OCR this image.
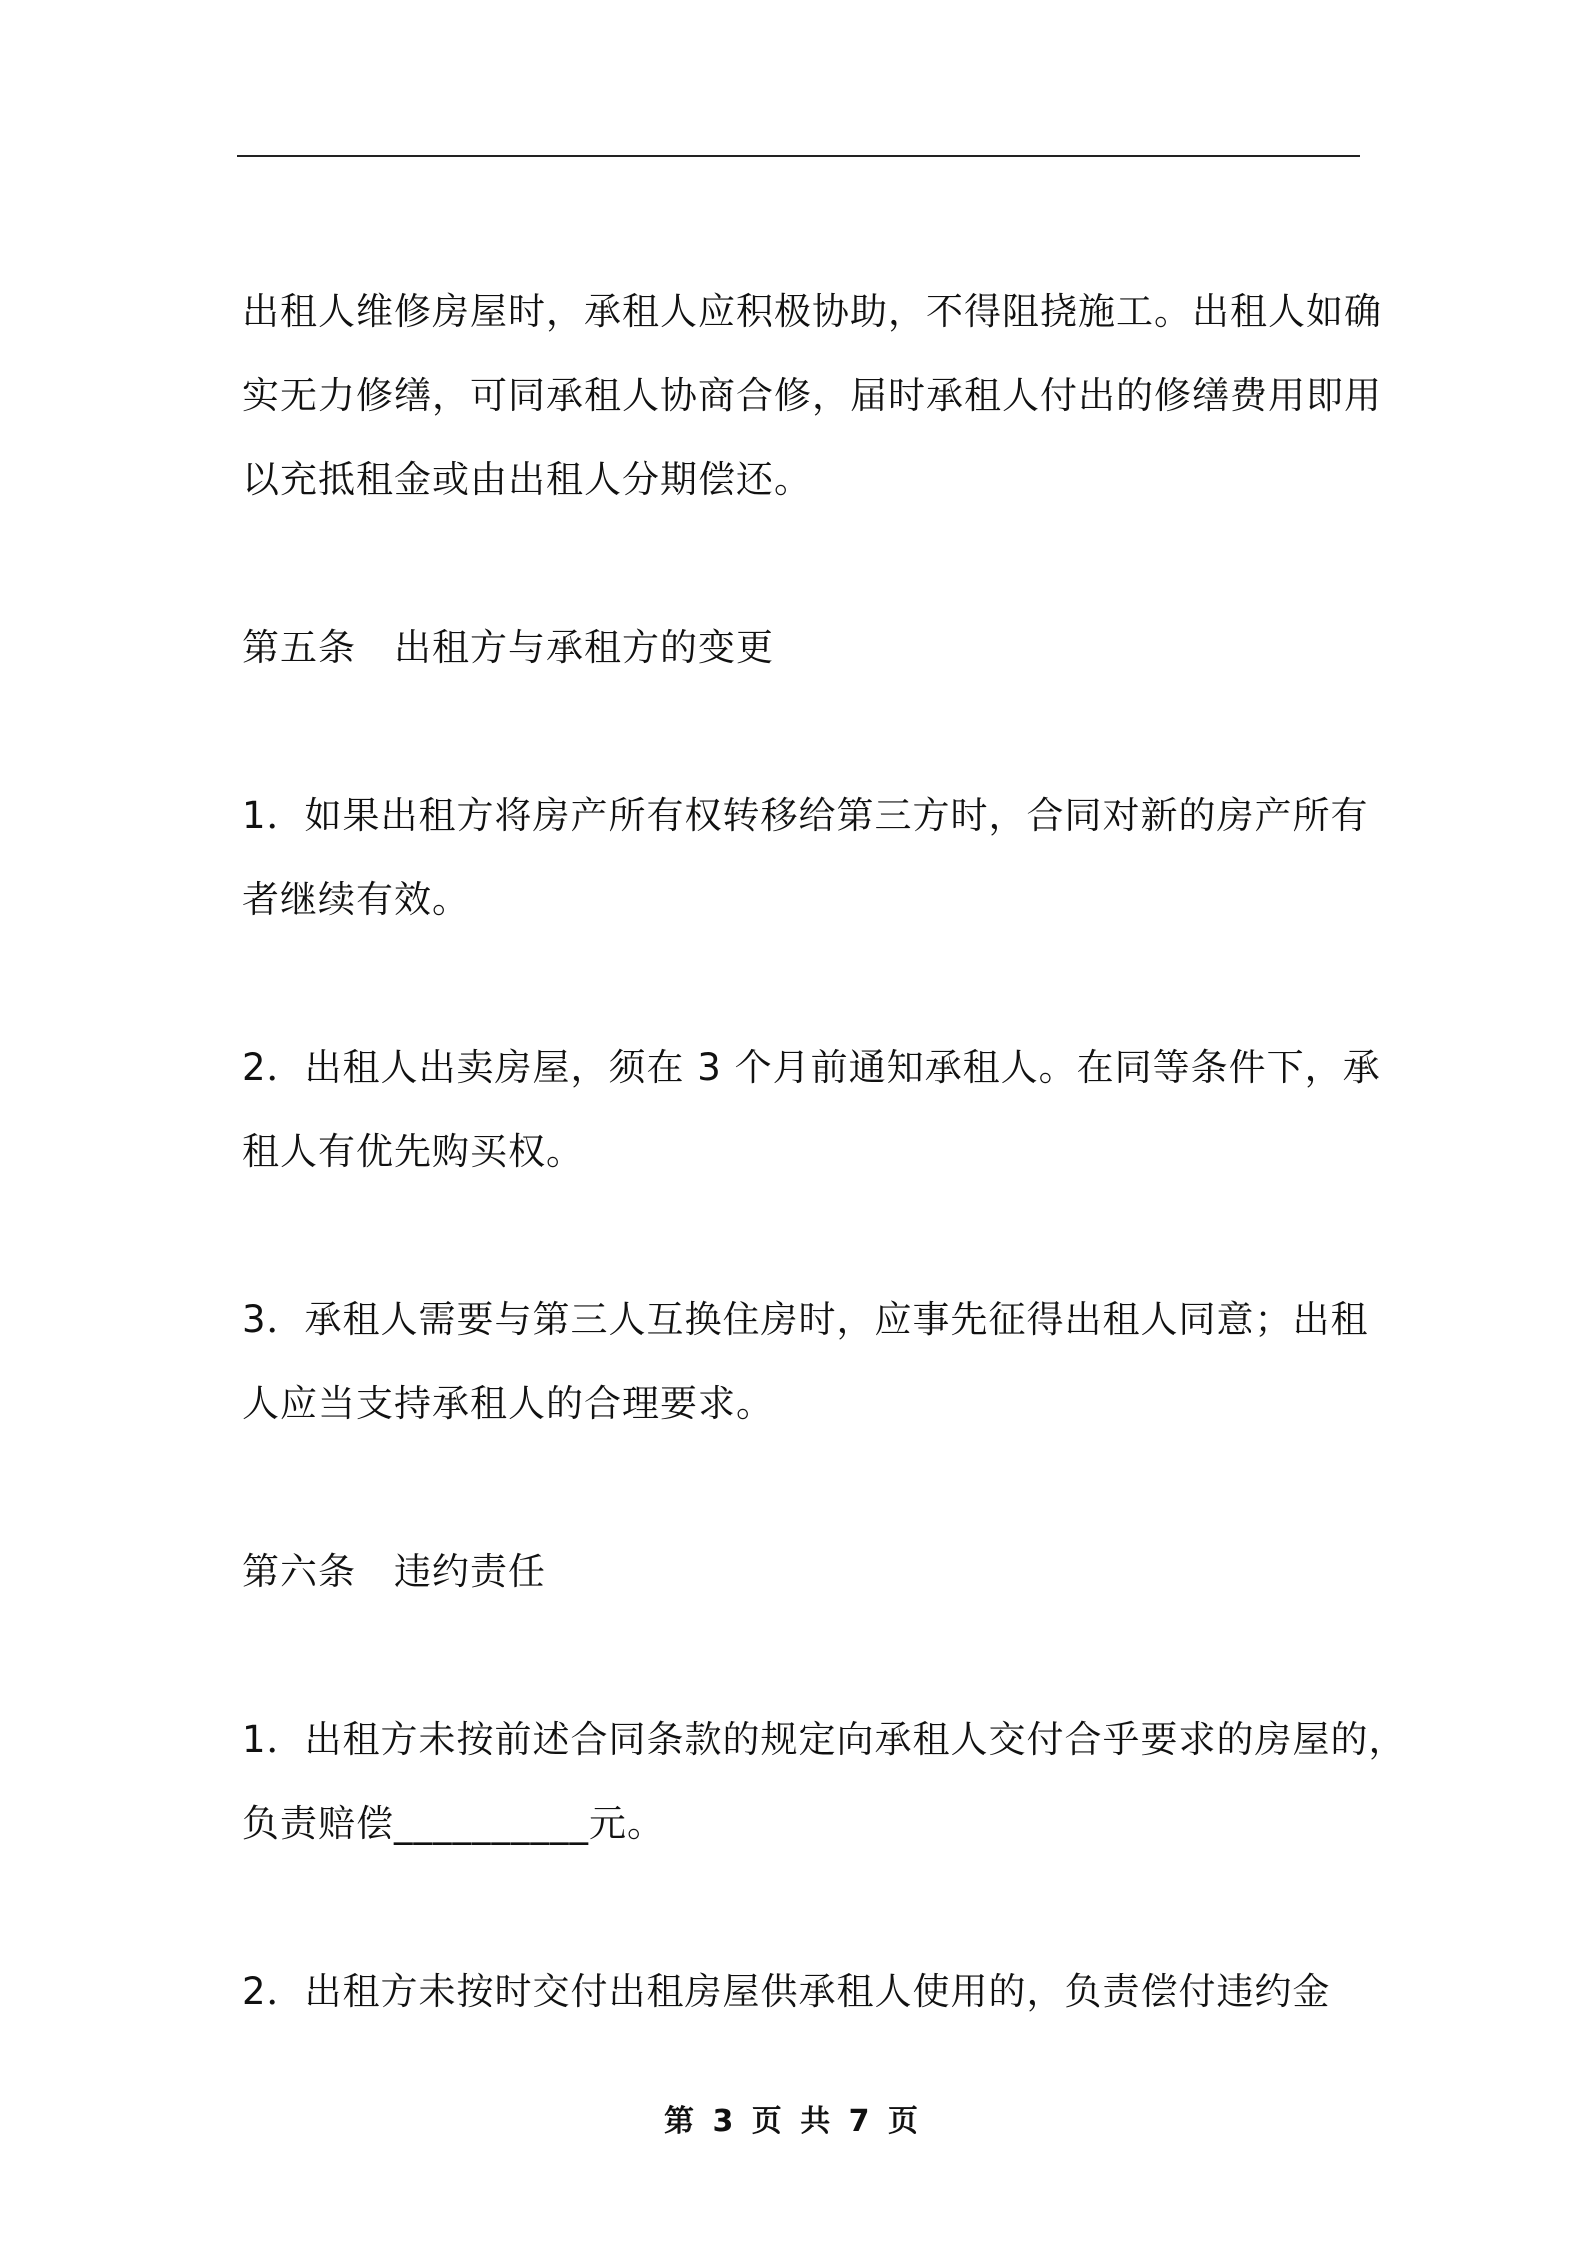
出租人维修房屋时，承租人应积极协助，不得阻挠施工。出租人如确
实无力修缮，可同承租人协商合修，届时承租人付出的修缮费用即用
以充抵租金或由出租人分期偿还。
第五条 出租方与承租方的变更
1．如果出租方将房产所有权转移给第三方时，合同对新的房产所有
者继续有效。
2．出租人出卖房屋，须在 3 个月前通知承租人。在同等条件下，承
租人有优先购买权。
3．承租人需要与第三人互换住房时，应事先征得出租人同意；出租
人应当支持承租人的合理要求。
第六条 违约责任
1．出租方未按前述合同条款的规定向承租人交付合乎要求的房屋的，
负责赔偿__________元。
2．出租方未按时交付出租房屋供承租人使用的，负责偿付违约金
第 3 页 共 7 页
